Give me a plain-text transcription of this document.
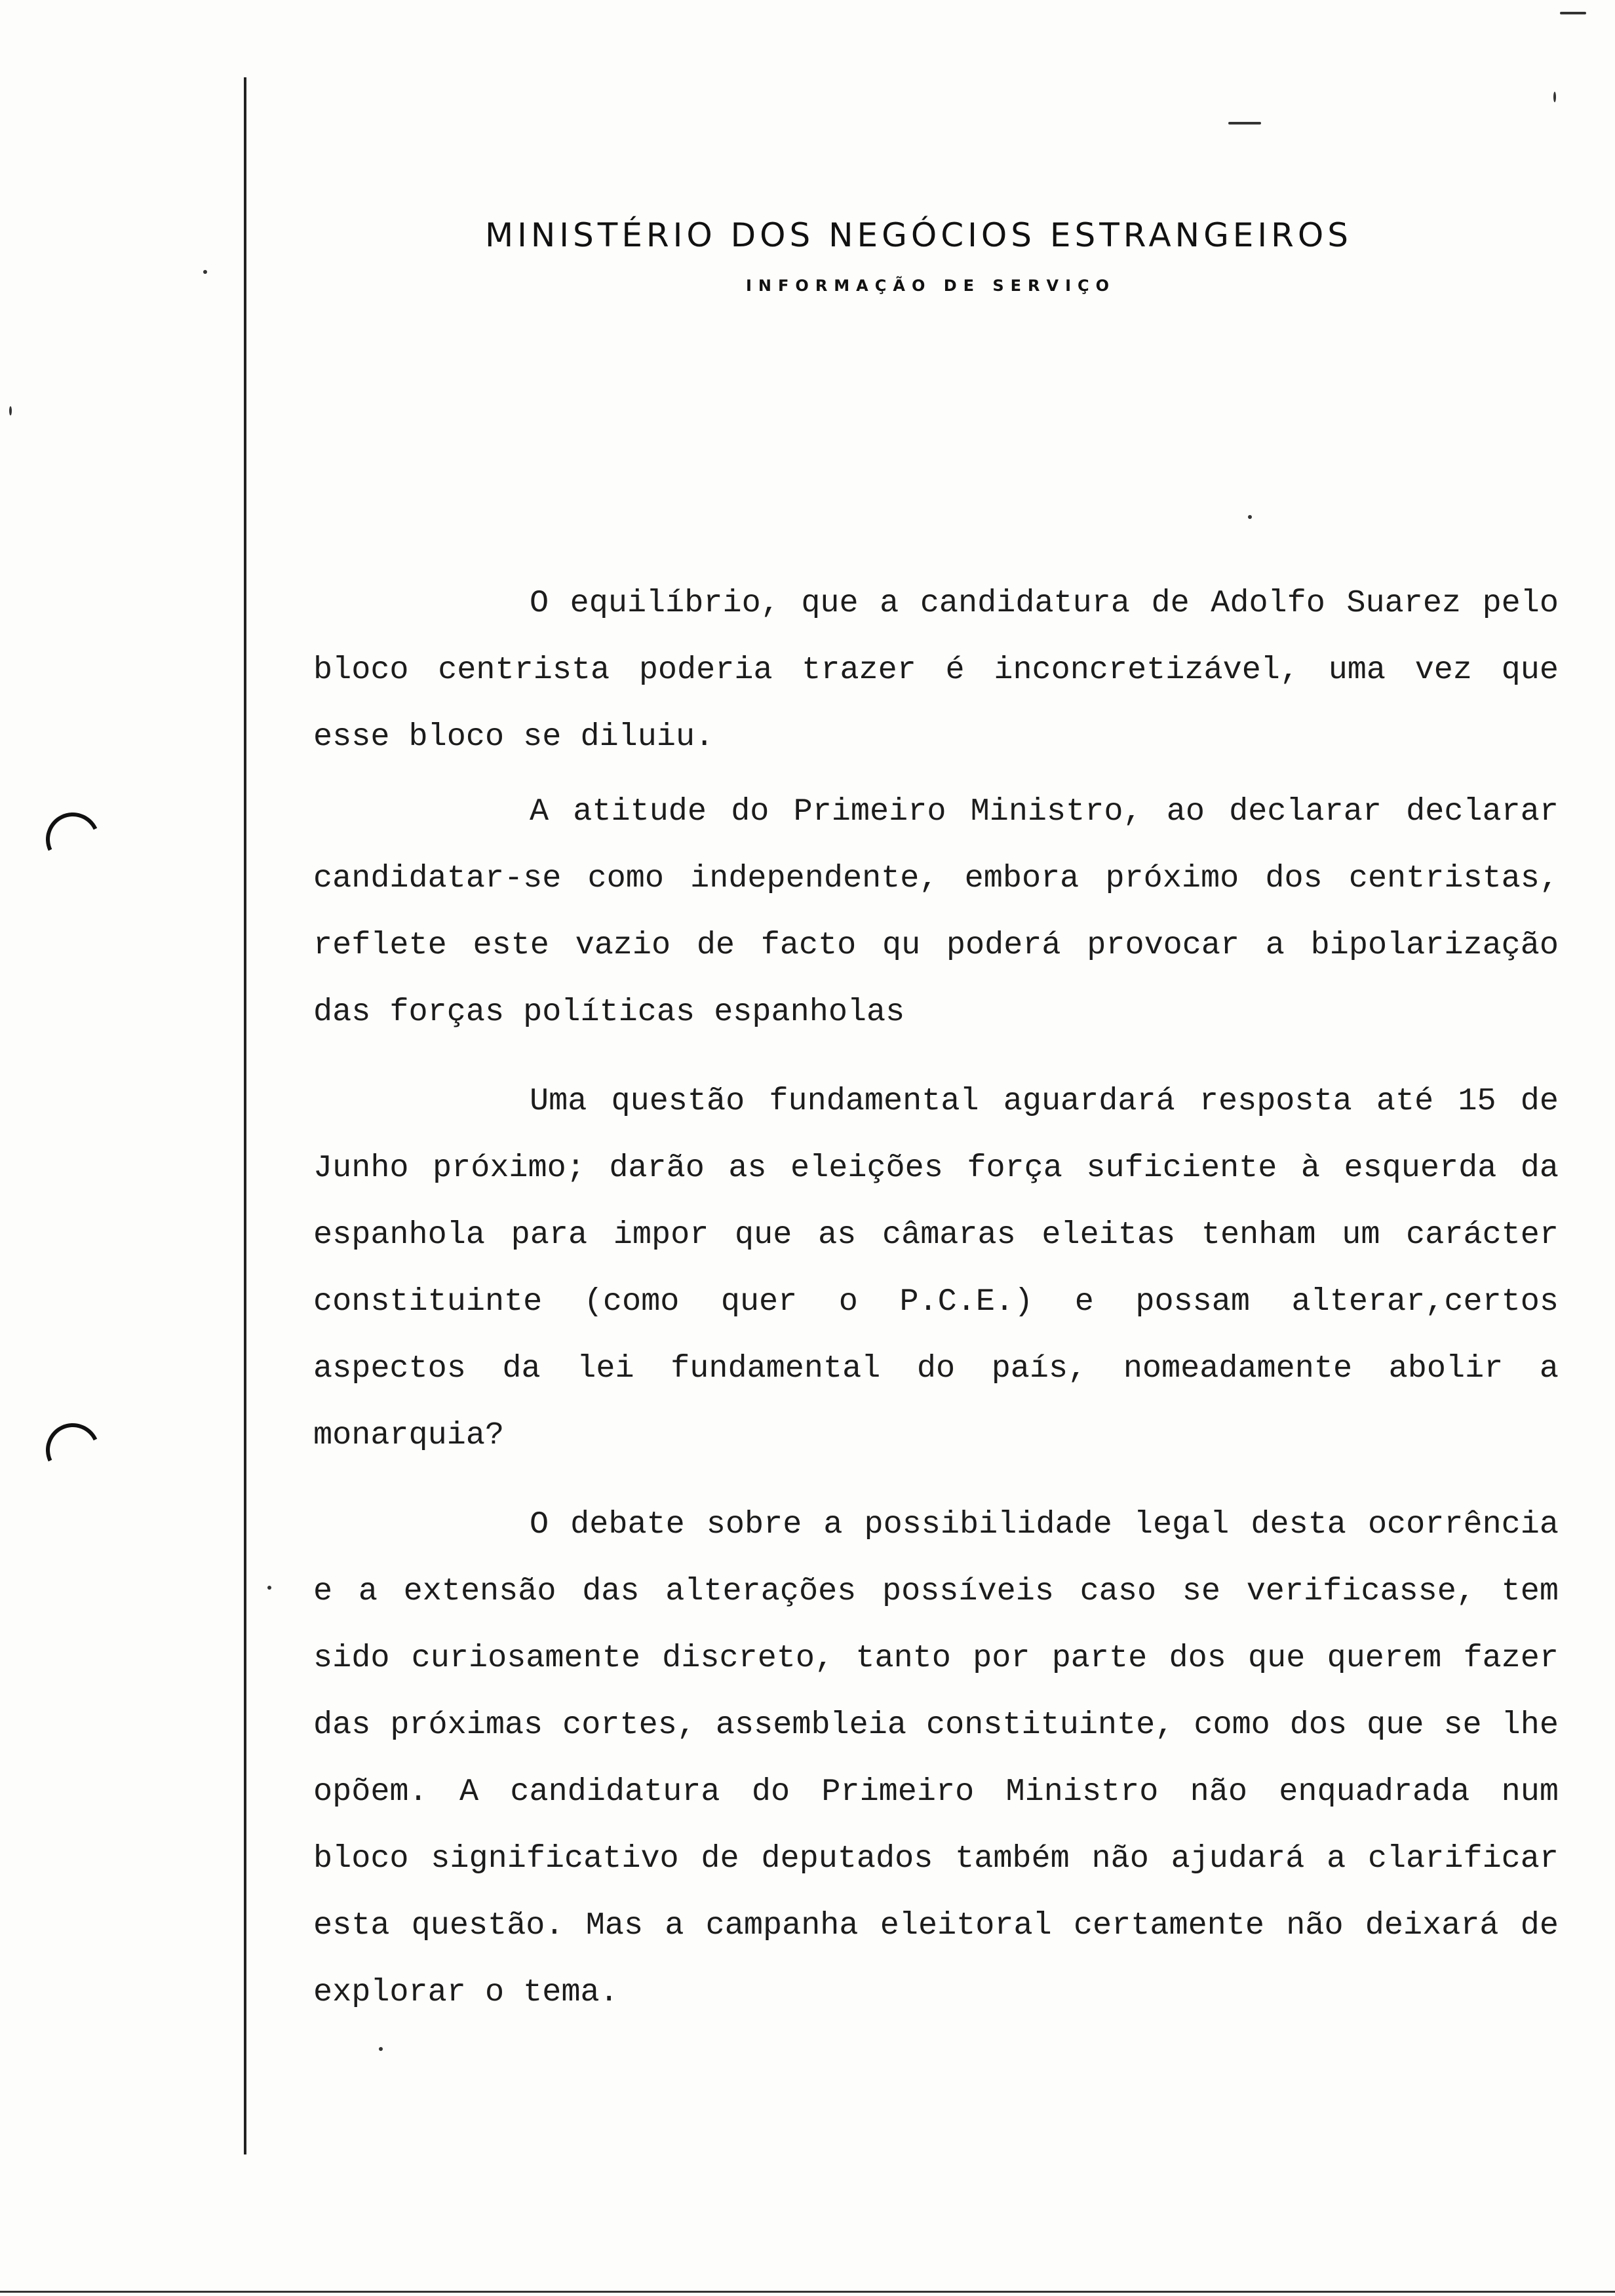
MINISTÉRIO DOS NEGÓCIOS ESTRANGEIROS
INFORMAÇÃO DE SERVIÇO

O equilíbrio, que a candidatura de Adolfo Suarez pelo bloco centrista poderia trazer é inconcretizável, uma vez que esse bloco se diluiu.

A atitude do Primeiro Ministro, ao declarar declarar candidatar-se como independente, embora próximo dos centristas, reflete este vazio de facto qu poderá provocar a bipolarização das forças políticas espanholas

Uma questão fundamental aguardará resposta até 15 de Junho próximo; darão as eleições força suficiente à esquerda da espanhola para impor que as câmaras eleitas tenham um carácter constituinte (como quer o P.C.E.) e possam alterar,certos aspectos da lei fundamental do país, nomeadamente abolir a monarquia?

O debate sobre a possibilidade legal desta ocorrência e a extensão das alterações possíveis caso se verificasse, tem sido curiosamente discreto, tanto por parte dos que querem fazer das próximas cortes, assembleia constituinte, como dos que se lhe opõem. A candidatura do Primeiro Ministro não enquadrada num bloco significativo de deputados também não ajudará a clarificar esta questão. Mas a campanha eleitoral certamente não deixará de explorar o tema.
